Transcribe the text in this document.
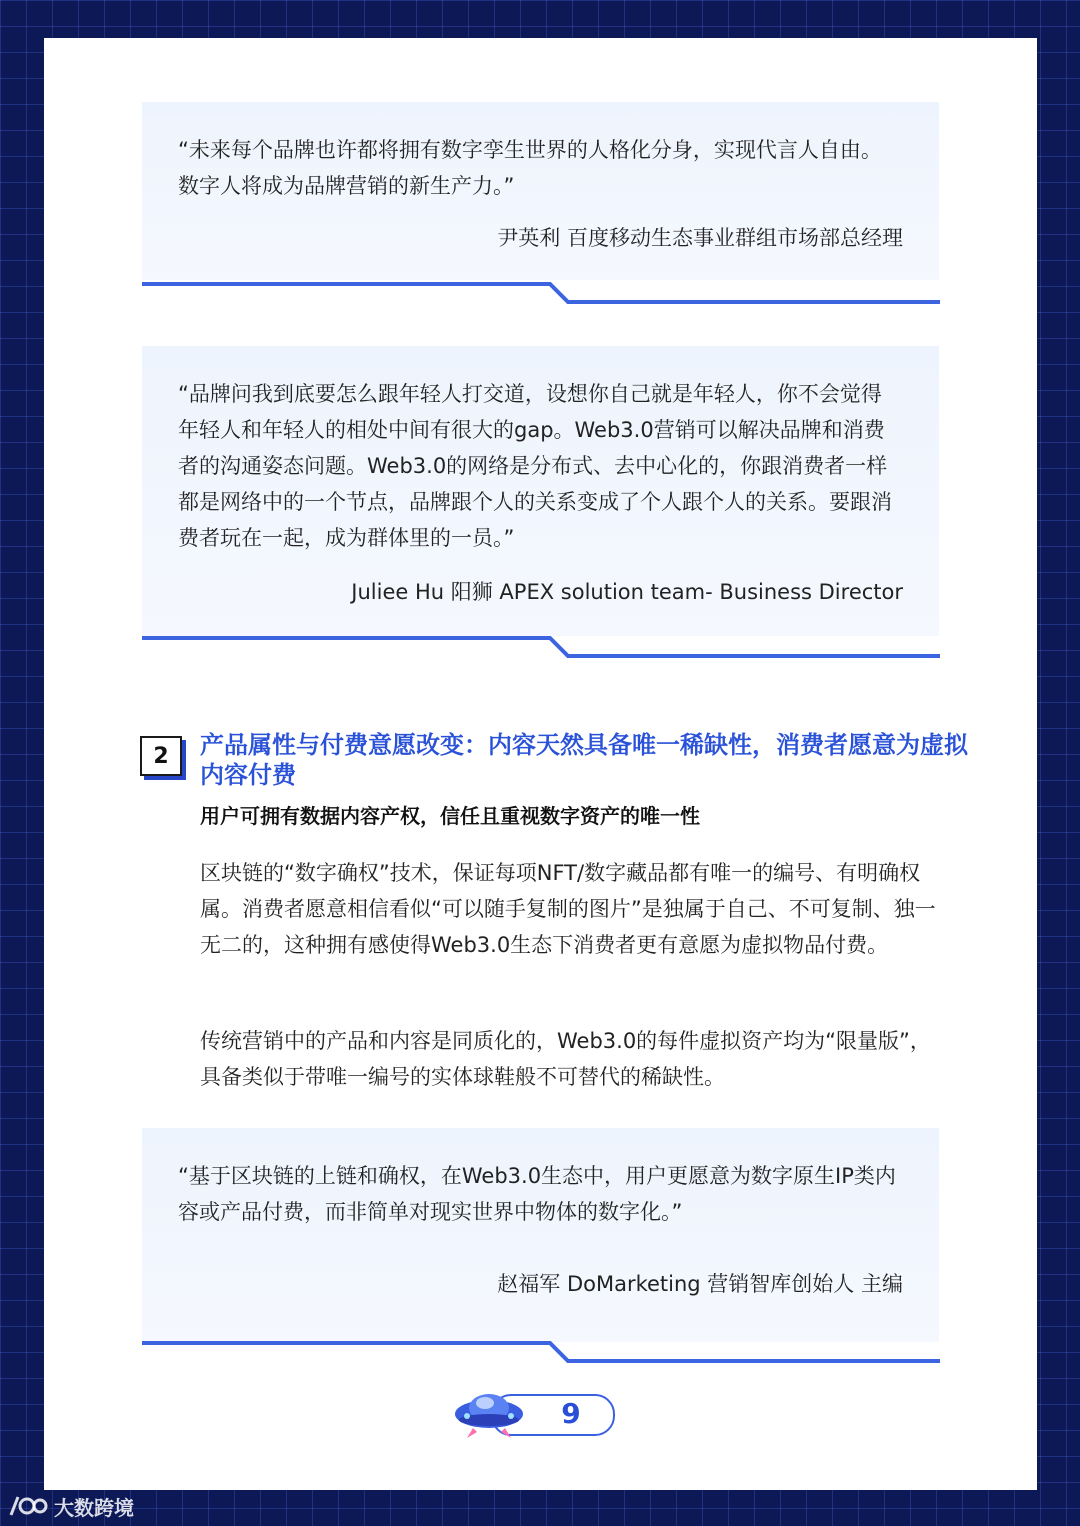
“未来每个品牌也许都将拥有数字孪生世界的人格化分身，实现代言人自由。数字人将成为品牌营销的新生产力。”
尹英利 百度移动生态事业群组市场部总经理
“品牌问我到底要怎么跟年轻人打交道，设想你自己就是年轻人，你不会觉得年轻人和年轻人的相处中间有很大的gap。Web3.0营销可以解决品牌和消费者的沟通姿态问题。Web3.0的网络是分布式、去中心化的，你跟消费者一样都是网络中的一个节点，品牌跟个人的关系变成了个人跟个人的关系。要跟消费者玩在一起，成为群体里的一员。”
Juliee Hu 阳狮 APEX solution team- Business Director
2	产品属性与付费意愿改变：内容天然具备唯一稀缺性，消费者愿意为虚拟内容付费
用户可拥有数据内容产权，信任且重视数字资产的唯一性
区块链的“数字确权”技术，保证每项NFT/数字藏品都有唯一的编号、有明确权属。消费者愿意相信看似“可以随手复制的图片”是独属于自己、不可复制、独一无二的，这种拥有感使得Web3.0生态下消费者更有意愿为虚拟物品付费。
传统营销中的产品和内容是同质化的，Web3.0的每件虚拟资产均为“限量版”，具备类似于带唯一编号的实体球鞋般不可替代的稀缺性。
“基于区块链的上链和确权，在Web3.0生态中，用户更愿意为数字原生IP类内容或产品付费，而非简单对现实世界中物体的数字化。”
赵福军 DoMarketing 营销智库创始人 主编
9
大数跨境
